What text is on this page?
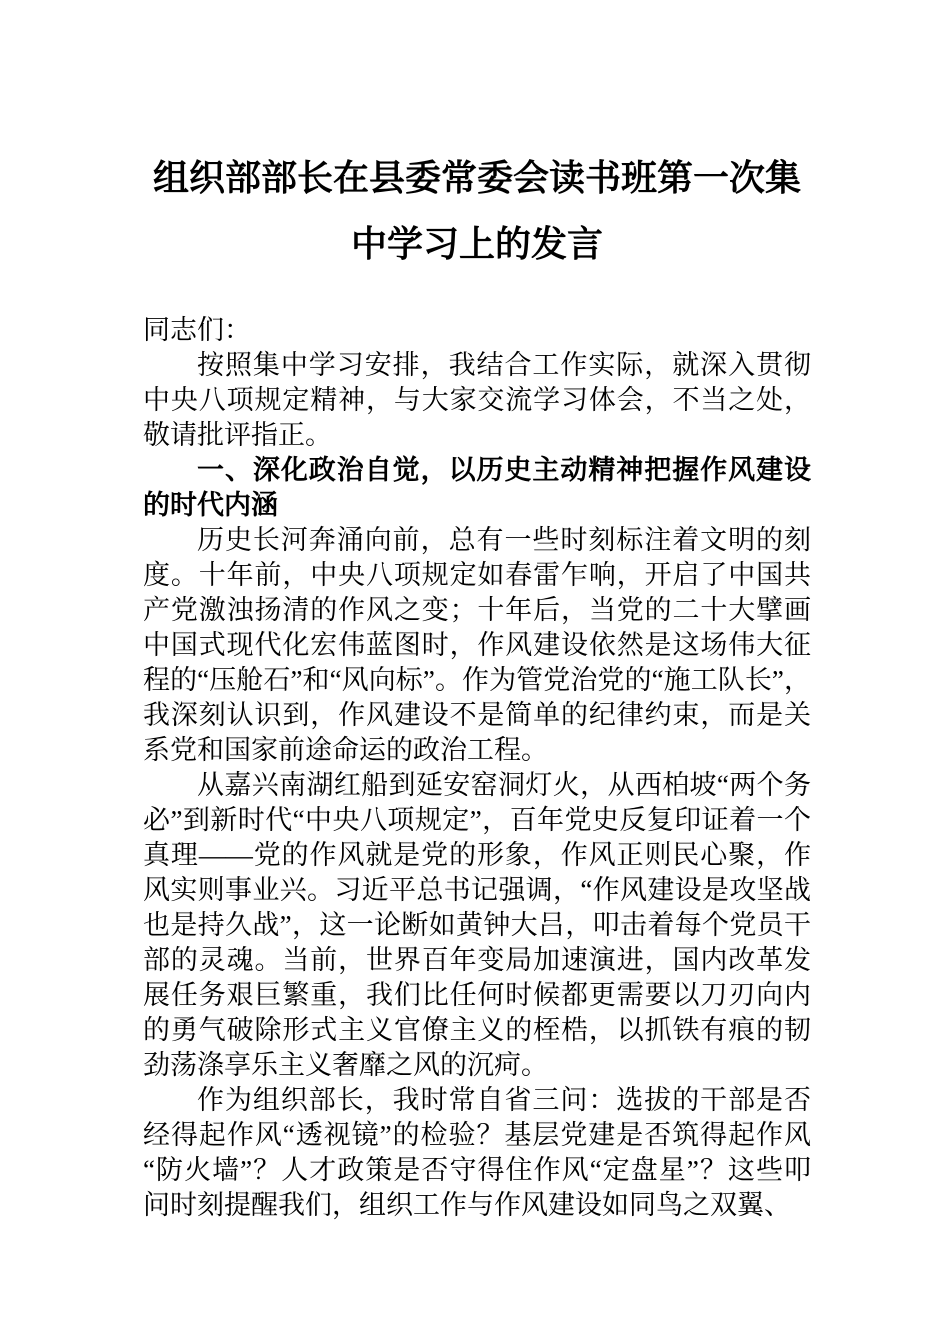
组织部部长在县委常委会读书班第一次集中学习上的发言

同志们：

按照集中学习安排，我结合工作实际，就深入贯彻中央八项规定精神，与大家交流学习体会，不当之处，敬请批评指正。

一、深化政治自觉，以历史主动精神把握作风建设的时代内涵

历史长河奔涌向前，总有一些时刻标注着文明的刻度。十年前，中央八项规定如春雷乍响，开启了中国共产党激浊扬清的作风之变；十年后，当党的二十大擘画中国式现代化宏伟蓝图时，作风建设依然是这场伟大征程的“压舱石”和“风向标”。作为管党治党的“施工队长”，我深刻认识到，作风建设不是简单的纪律约束，而是关系党和国家前途命运的政治工程。

从嘉兴南湖红船到延安窑洞灯火，从西柏坡“两个务必”到新时代“中央八项规定”，百年党史反复印证着一个真理——党的作风就是党的形象，作风正则民心聚，作风实则事业兴。习近平总书记强调，“作风建设是攻坚战也是持久战”，这一论断如黄钟大吕，叩击着每个党员干部的灵魂。当前，世界百年变局加速演进，国内改革发展任务艰巨繁重，我们比任何时候都更需要以刀刃向内的勇气破除形式主义官僚主义的桎梏，以抓铁有痕的韧劲荡涤享乐主义奢靡之风的沉疴。

作为组织部长，我时常自省三问：选拔的干部是否经得起作风“透视镜”的检验？基层党建是否筑得起作风“防火墙”？人才政策是否守得住作风“定盘星”？这些叩问时刻提醒我们，组织工作与作风建设如同鸟之双翼、
